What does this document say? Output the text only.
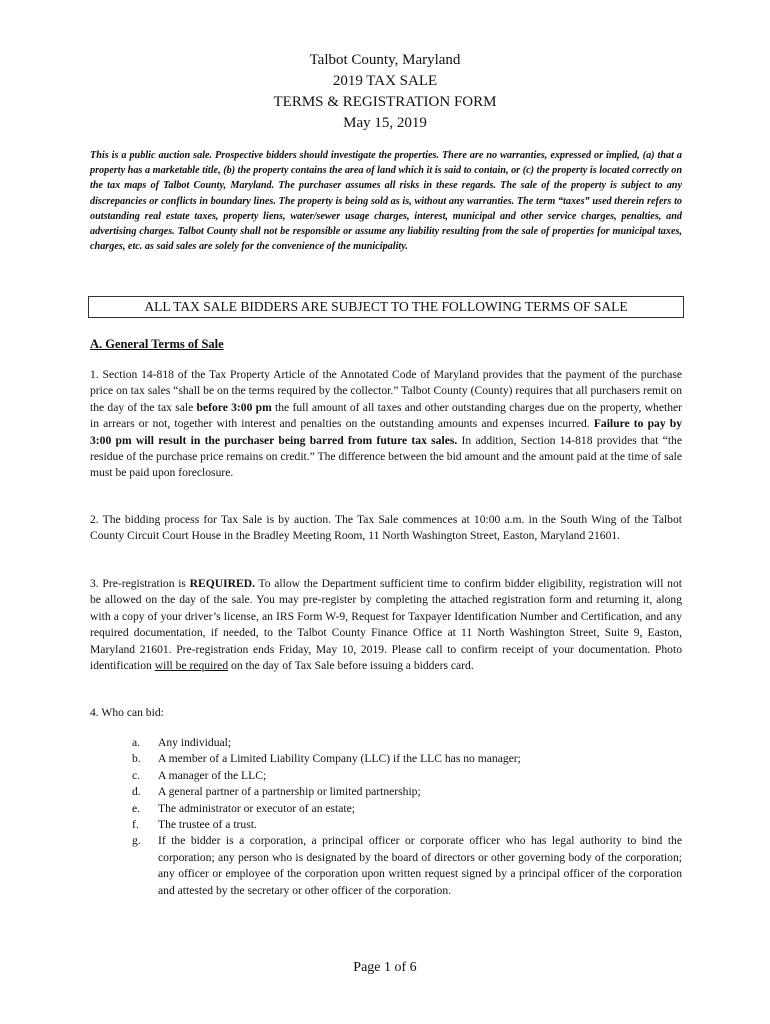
Talbot County, Maryland
2019 TAX SALE
TERMS & REGISTRATION FORM
May 15, 2019
This is a public auction sale. Prospective bidders should investigate the properties. There are no warranties, expressed or implied, (a) that a property has a marketable title, (b) the property contains the area of land which it is said to contain, or (c) the property is located correctly on the tax maps of Talbot County, Maryland. The purchaser assumes all risks in these regards. The sale of the property is subject to any discrepancies or conflicts in boundary lines. The property is being sold as is, without any warranties. The term “taxes” used therein refers to outstanding real estate taxes, property liens, water/sewer usage charges, interest, municipal and other service charges, penalties, and advertising charges. Talbot County shall not be responsible or assume any liability resulting from the sale of properties for municipal taxes, charges, etc. as said sales are solely for the convenience of the municipality.
ALL TAX SALE BIDDERS ARE SUBJECT TO THE FOLLOWING TERMS OF SALE
A. General Terms of Sale
1. Section 14-818 of the Tax Property Article of the Annotated Code of Maryland provides that the payment of the purchase price on tax sales “shall be on the terms required by the collector.” Talbot County (County) requires that all purchasers remit on the day of the tax sale before 3:00 pm the full amount of all taxes and other outstanding charges due on the property, whether in arrears or not, together with interest and penalties on the outstanding amounts and expenses incurred. Failure to pay by 3:00 pm will result in the purchaser being barred from future tax sales. In addition, Section 14-818 provides that “the residue of the purchase price remains on credit.” The difference between the bid amount and the amount paid at the time of sale must be paid upon foreclosure.
2. The bidding process for Tax Sale is by auction. The Tax Sale commences at 10:00 a.m. in the South Wing of the Talbot County Circuit Court House in the Bradley Meeting Room, 11 North Washington Street, Easton, Maryland 21601.
3. Pre-registration is REQUIRED. To allow the Department sufficient time to confirm bidder eligibility, registration will not be allowed on the day of the sale. You may pre-register by completing the attached registration form and returning it, along with a copy of your driver’s license, an IRS Form W-9, Request for Taxpayer Identification Number and Certification, and any required documentation, if needed, to the Talbot County Finance Office at 11 North Washington Street, Suite 9, Easton, Maryland 21601. Pre-registration ends Friday, May 10, 2019. Please call to confirm receipt of your documentation. Photo identification will be required on the day of Tax Sale before issuing a bidders card.
4. Who can bid:
a.	Any individual;
b.	A member of a Limited Liability Company (LLC) if the LLC has no manager;
c.	A manager of the LLC;
d.	A general partner of a partnership or limited partnership;
e.	The administrator or executor of an estate;
f.	The trustee of a trust.
g.	If the bidder is a corporation, a principal officer or corporate officer who has legal authority to bind the corporation; any person who is designated by the board of directors or other governing body of the corporation; any officer or employee of the corporation upon written request signed by a principal officer of the corporation and attested by the secretary or other officer of the corporation.
Page 1 of 6
